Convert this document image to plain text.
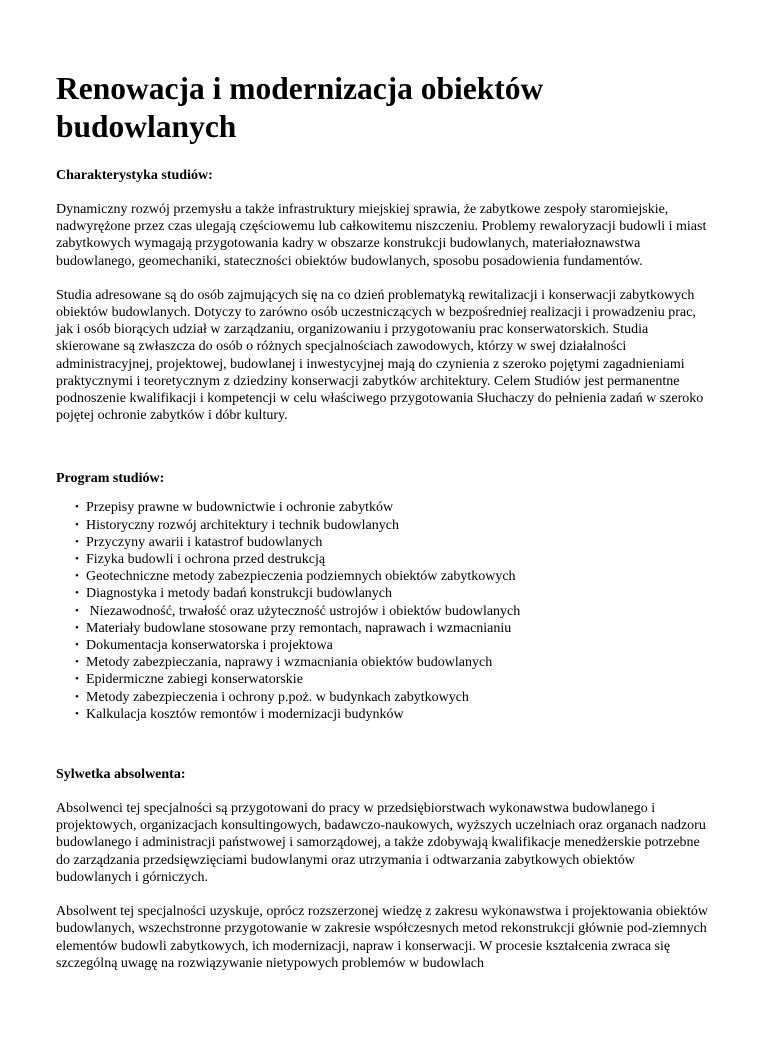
Renowacja i modernizacja obiektów budowlanych
Charakterystyka studiów:

Dynamiczny rozwój przemysłu a także infrastruktury miejskiej sprawia, że zabytkowe zespoły staromiejskie, nadwyrężone przez czas ulegają częściowemu lub całkowitemu niszczeniu. Problemy rewaloryzacji budowli i miast zabytkowych wymagają przygotowania kadry w obszarze konstrukcji budowlanych, materiałoznawstwa budowlanego, geomechaniki, stateczności obiektów budowlanych, sposobu posadowienia fundamentów.

Studia adresowane są do osób zajmujących się na co dzień problematyką rewitalizacji i konserwacji zabytkowych obiektów budowlanych. Dotyczy to zarówno osób uczestniczących w bezpośredniej realizacji i prowadzeniu prac, jak i osób biorących udział w zarządzaniu, organizowaniu i przygotowaniu prac konserwatorskich. Studia skierowane są zwłaszcza do osób o różnych specjalnościach zawodowych, którzy w swej działalności administracyjnej, projektowej, budowlanej i inwestycyjnej mają do czynienia z szeroko pojętymi zagadnieniami praktycznymi i teoretycznym z dziedziny konserwacji zabytków architektury. Celem Studiów jest permanentne podnoszenie kwalifikacji i kompetencji w celu właściwego przygotowania Słuchaczy do pełnienia zadań w szeroko pojętej ochronie zabytków i dóbr kultury.

Program studiów:
• Przepisy prawne w budownictwie i ochronie zabytków
• Historyczny rozwój architektury i technik budowlanych
• Przyczyny awarii i katastrof budowlanych
• Fizyka budowli i ochrona przed destrukcją
• Geotechniczne metody zabezpieczenia podziemnych obiektów zabytkowych
• Diagnostyka i metody badań konstrukcji budowlanych
• Niezawodność, trwałość oraz użyteczność ustrojów i obiektów budowlanych
• Materiały budowlane stosowane przy remontach, naprawach i wzmacnianiu
• Dokumentacja konserwatorska i projektowa
• Metody zabezpieczania, naprawy i wzmacniania obiektów budowlanych
• Epidermiczne zabiegi konserwatorskie
• Metody zabezpieczenia i ochrony p.poż. w budynkach zabytkowych
• Kalkulacja kosztów remontów i modernizacji budynków
Sylwetka absolwenta:

Absolwenci tej specjalności są przygotowani do pracy w przedsiębiorstwach wykonawstwa budowlanego i projektowych, organizacjach konsultingowych, badawczo-naukowych, wyższych uczelniach oraz organach nadzoru budowlanego i administracji państwowej i samorządowej, a także zdobywają kwalifikacje menedżerskie potrzebne do zarządzania przedsięwzięciami budowlanymi oraz utrzymania i odtwarzania zabytkowych obiektów budowlanych i górniczych.

Absolwent tej specjalności uzyskuje, oprócz rozszerzonej wiedzę z zakresu wykonawstwa i projektowania obiektów budowlanych, wszechstronne przygotowanie w zakresie współczesnych metod rekonstrukcji głównie pod-ziemnych elementów budowli zabytkowych, ich modernizacji, napraw i konserwacji. W procesie kształcenia zwraca się szczególną uwagę na rozwiązywanie nietypowych problemów w budowlach
